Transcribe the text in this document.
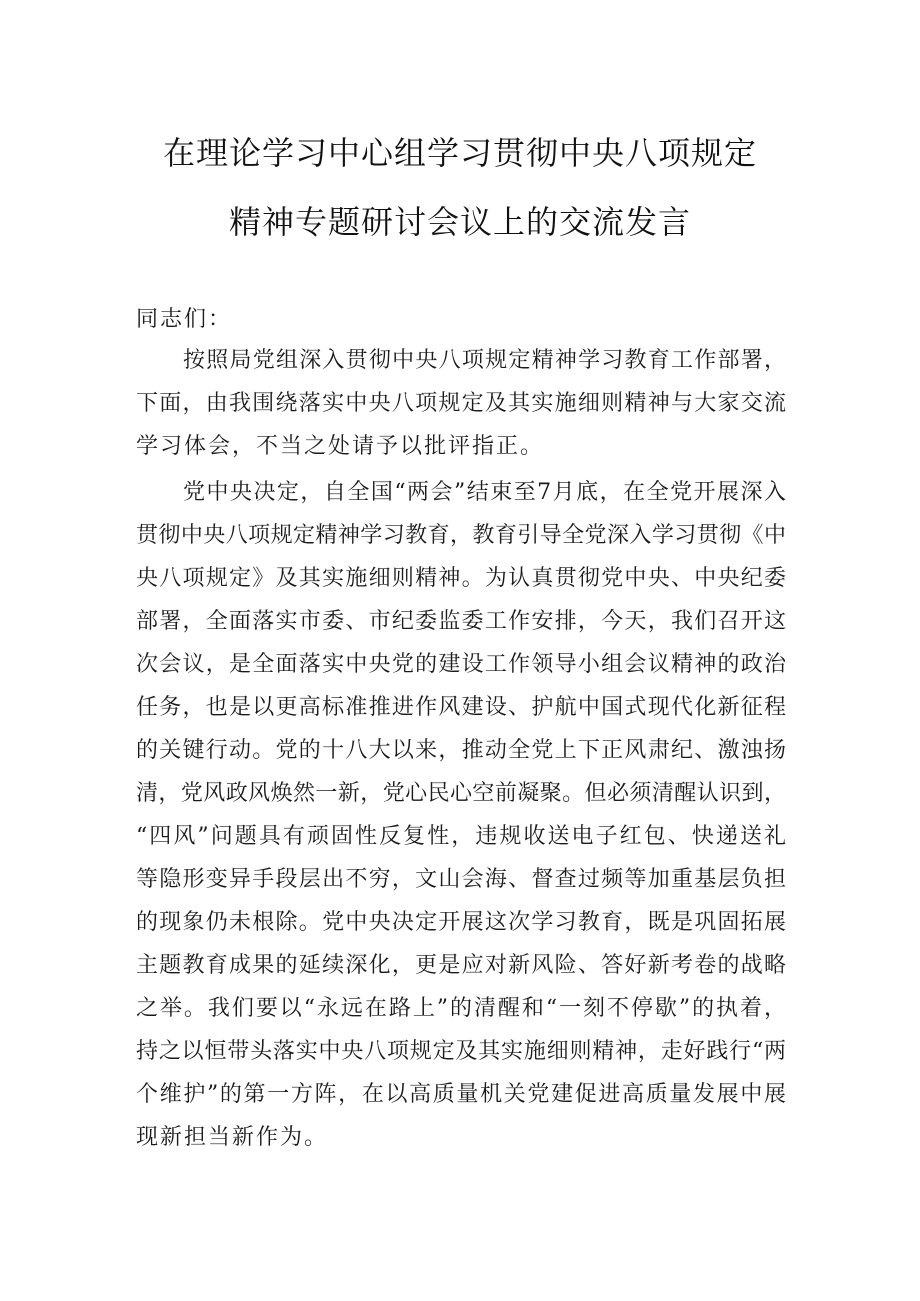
在理论学习中心组学习贯彻中央八项规定
精神专题研讨会议上的交流发言
同志们：
按照局党组深入贯彻中央八项规定精神学习教育工作部署，
下面，由我围绕落实中央八项规定及其实施细则精神与大家交流
学习体会，不当之处请予以批评指正。
党中央决定，自全国“两会”结束至7月底，在全党开展深入
贯彻中央八项规定精神学习教育，教育引导全党深入学习贯彻《中
央八项规定》及其实施细则精神。为认真贯彻党中央、中央纪委
部署，全面落实市委、市纪委监委工作安排，今天，我们召开这
次会议，是全面落实中央党的建设工作领导小组会议精神的政治
任务，也是以更高标准推进作风建设、护航中国式现代化新征程
的关键行动。党的十八大以来，推动全党上下正风肃纪、激浊扬
清，党风政风焕然一新，党心民心空前凝聚。但必须清醒认识到，
“四风”问题具有顽固性反复性，违规收送电子红包、快递送礼
等隐形变异手段层出不穷，文山会海、督查过频等加重基层负担
的现象仍未根除。党中央决定开展这次学习教育，既是巩固拓展
主题教育成果的延续深化，更是应对新风险、答好新考卷的战略
之举。我们要以“永远在路上”的清醒和“一刻不停歇”的执着，
持之以恒带头落实中央八项规定及其实施细则精神，走好践行“两
个维护”的第一方阵，在以高质量机关党建促进高质量发展中展
现新担当新作为。
